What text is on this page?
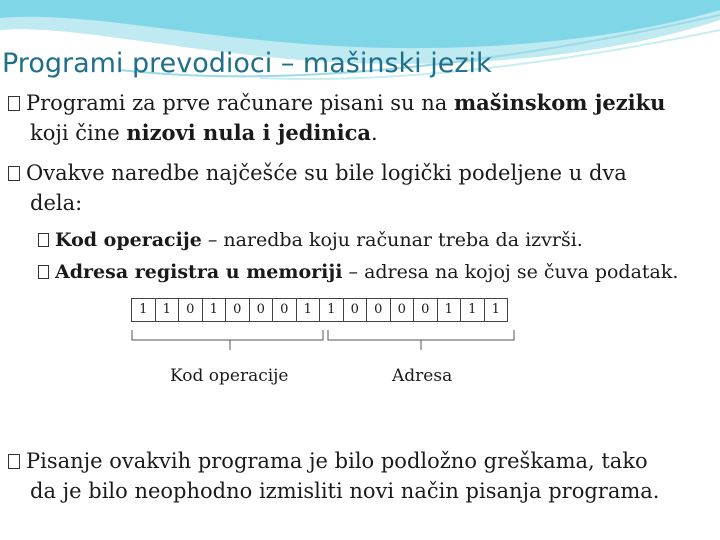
Programi prevodioci – mašinski jezik
Programi za prve računare pisani su na mašinskom jeziku
koji čine nizovi nula i jedinica.
Ovakve naredbe najčešće su bile logički podeljene u dva
dela:
Kod operacije – naredba koju računar treba da izvrši.
Adresa registra u memoriji – adresa na kojoj se čuva podatak.
1	1	0	1	0	0	0	1	1	0	0	0	0	1	1	1
Kod operacije	Adresa
Pisanje ovakvih programa je bilo podložno greškama, tako
da je bilo neophodno izmisliti novi način pisanja programa.
